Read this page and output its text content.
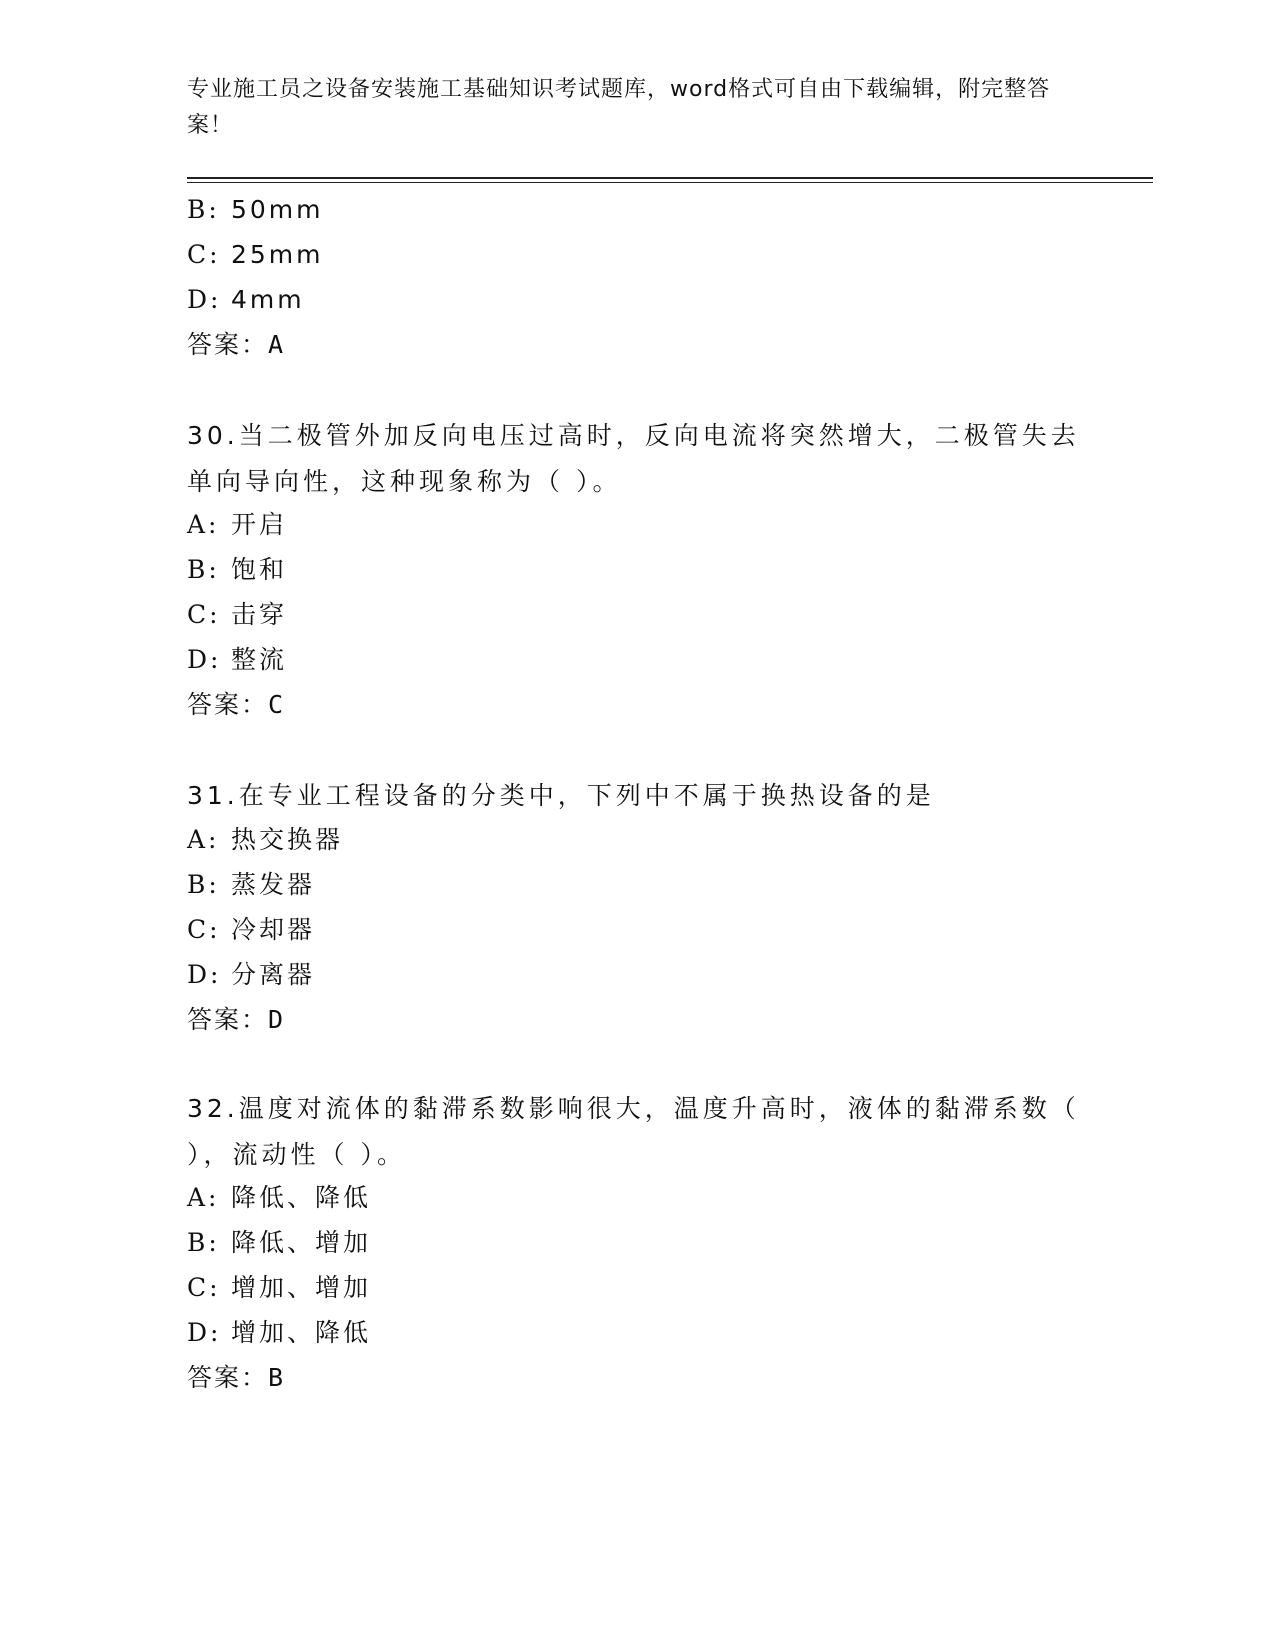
专业施工员之设备安装施工基础知识考试题库，word格式可自由下载编辑，附完整答案！
B: 50mm
C: 25mm
D: 4mm
答案：A
30.当二极管外加反向电压过高时，反向电流将突然增大，二极管失去单向导向性，这种现象称为（ ）。
A: 开启
B: 饱和
C: 击穿
D: 整流
答案：C
31.在专业工程设备的分类中，下列中不属于换热设备的是
A: 热交换器
B: 蒸发器
C: 冷却器
D: 分离器
答案：D
32.温度对流体的黏滞系数影响很大，温度升高时，液体的黏滞系数（ ），流动性（ ）。
A: 降低、降低
B: 降低、增加
C: 增加、增加
D: 增加、降低
答案：B
